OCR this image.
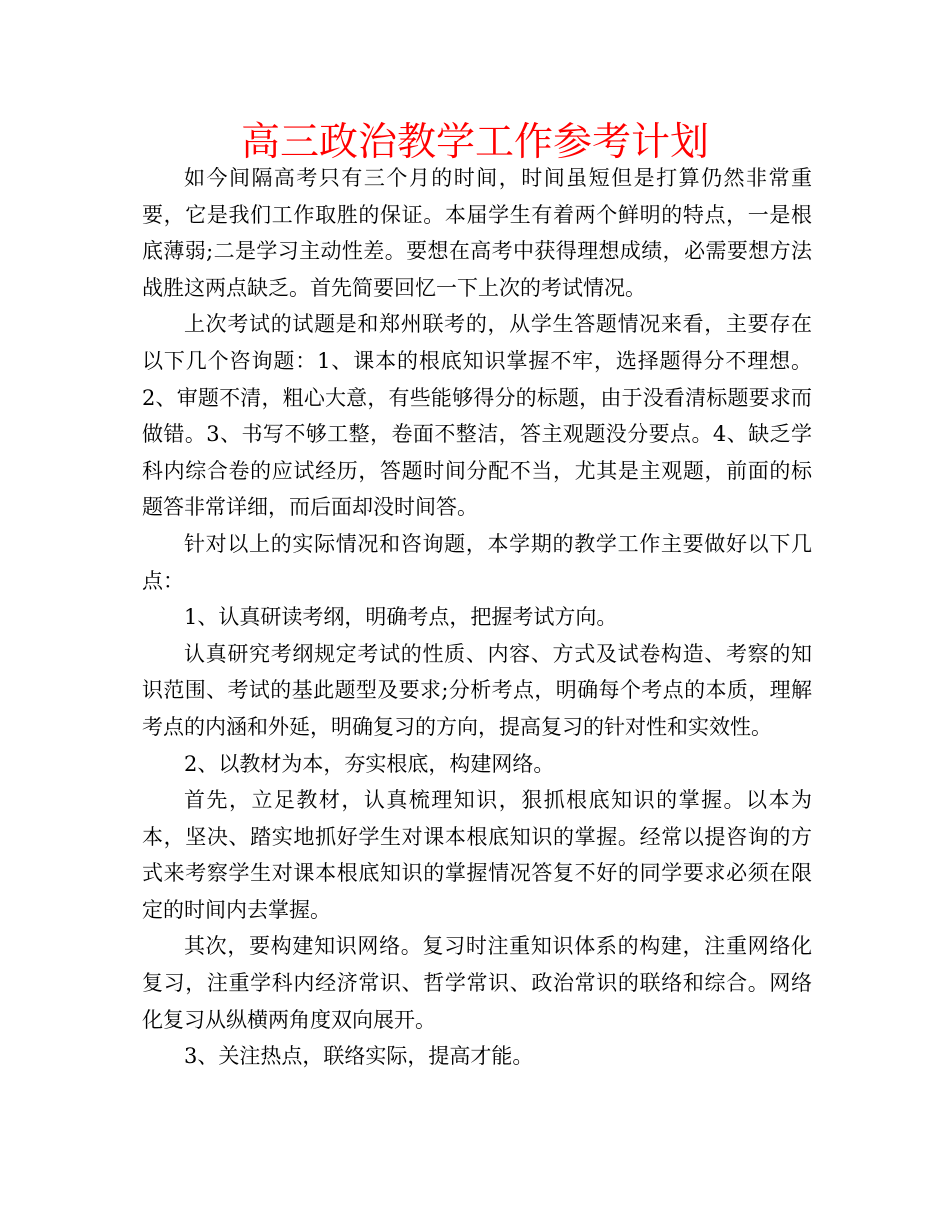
高三政治教学工作参考计划

如今间隔高考只有三个月的时间，时间虽短但是打算仍然非常重要，它是我们工作取胜的保证。本届学生有着两个鲜明的特点，一是根底薄弱;二是学习主动性差。要想在高考中获得理想成绩，必需要想方法战胜这两点缺乏。首先简要回忆一下上次的考试情况。

上次考试的试题是和郑州联考的，从学生答题情况来看，主要存在以下几个咨询题：1、课本的根底知识掌握不牢，选择题得分不理想。2、审题不清，粗心大意，有些能够得分的标题，由于没看清标题要求而做错。3、书写不够工整，卷面不整洁，答主观题没分要点。4、缺乏学科内综合卷的应试经历，答题时间分配不当，尤其是主观题，前面的标题答非常详细，而后面却没时间答。

针对以上的实际情况和咨询题，本学期的教学工作主要做好以下几点：

1、认真研读考纲，明确考点，把握考试方向。

认真研究考纲规定考试的性质、内容、方式及试卷构造、考察的知识范围、考试的基此题型及要求;分析考点，明确每个考点的本质，理解考点的内涵和外延，明确复习的方向，提高复习的针对性和实效性。

2、以教材为本，夯实根底，构建网络。

首先，立足教材，认真梳理知识，狠抓根底知识的掌握。以本为本，坚决、踏实地抓好学生对课本根底知识的掌握。经常以提咨询的方式来考察学生对课本根底知识的掌握情况答复不好的同学要求必须在限定的时间内去掌握。

其次，要构建知识网络。复习时注重知识体系的构建，注重网络化复习，注重学科内经济常识、哲学常识、政治常识的联络和综合。网络化复习从纵横两角度双向展开。

3、关注热点，联络实际，提高才能。
